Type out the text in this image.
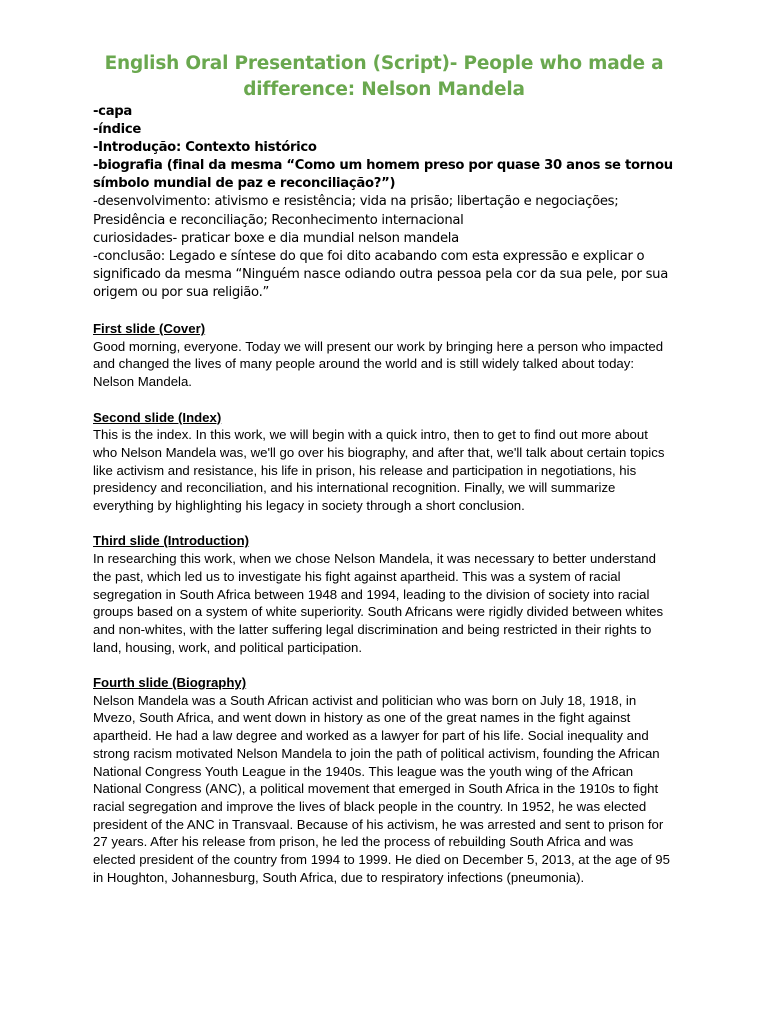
English Oral Presentation (Script)- People who made a difference: Nelson Mandela
-capa
-índice
-Introdução: Contexto histórico
-biografia (final da mesma “Como um homem preso por quase 30 anos se tornou símbolo mundial de paz e reconciliação?”)
-desenvolvimento: ativismo e resistência; vida na prisão; libertação e negociações;
Presidência e reconciliação; Reconhecimento internacional
curiosidades- praticar boxe e dia mundial nelson mandela
-conclusão: Legado e síntese do que foi dito acabando com esta expressão e explicar o significado da mesma “Ninguém nasce odiando outra pessoa pela cor da sua pele, por sua origem ou por sua religião.”
First slide (Cover)

Good morning, everyone. Today we will present our work by bringing here a person who impacted and changed the lives of many people around the world and is still widely talked about today: Nelson Mandela.

Second slide (Index)

This is the index. In this work, we will begin with a quick intro, then to get to find out more about who Nelson Mandela was, we'll go over his biography, and after that, we'll talk about certain topics like activism and resistance, his life in prison, his release and participation in negotiations, his presidency and reconciliation, and his international recognition. Finally, we will summarize everything by highlighting his legacy in society through a short conclusion.

Third slide (Introduction)

In researching this work, when we chose Nelson Mandela, it was necessary to better understand the past, which led us to investigate his fight against apartheid. This was a system of racial segregation in South Africa between 1948 and 1994, leading to the division of society into racial groups based on a system of white superiority. South Africans were rigidly divided between whites and non-whites, with the latter suffering legal discrimination and being restricted in their rights to land, housing, work, and political participation.

Fourth slide (Biography)

Nelson Mandela was a South African activist and politician who was born on July 18, 1918, in Mvezo, South Africa, and went down in history as one of the great names in the fight against apartheid. He had a law degree and worked as a lawyer for part of his life. Social inequality and strong racism motivated Nelson Mandela to join the path of political activism, founding the African National Congress Youth League in the 1940s. This league was the youth wing of the African National Congress (ANC), a political movement that emerged in South Africa in the 1910s to fight racial segregation and improve the lives of black people in the country. In 1952, he was elected president of the ANC in Transvaal. Because of his activism, he was arrested and sent to prison for 27 years. After his release from prison, he led the process of rebuilding South Africa and was elected president of the country from 1994 to 1999. He died on December 5, 2013, at the age of 95 in Houghton, Johannesburg, South Africa, due to respiratory infections (pneumonia).
